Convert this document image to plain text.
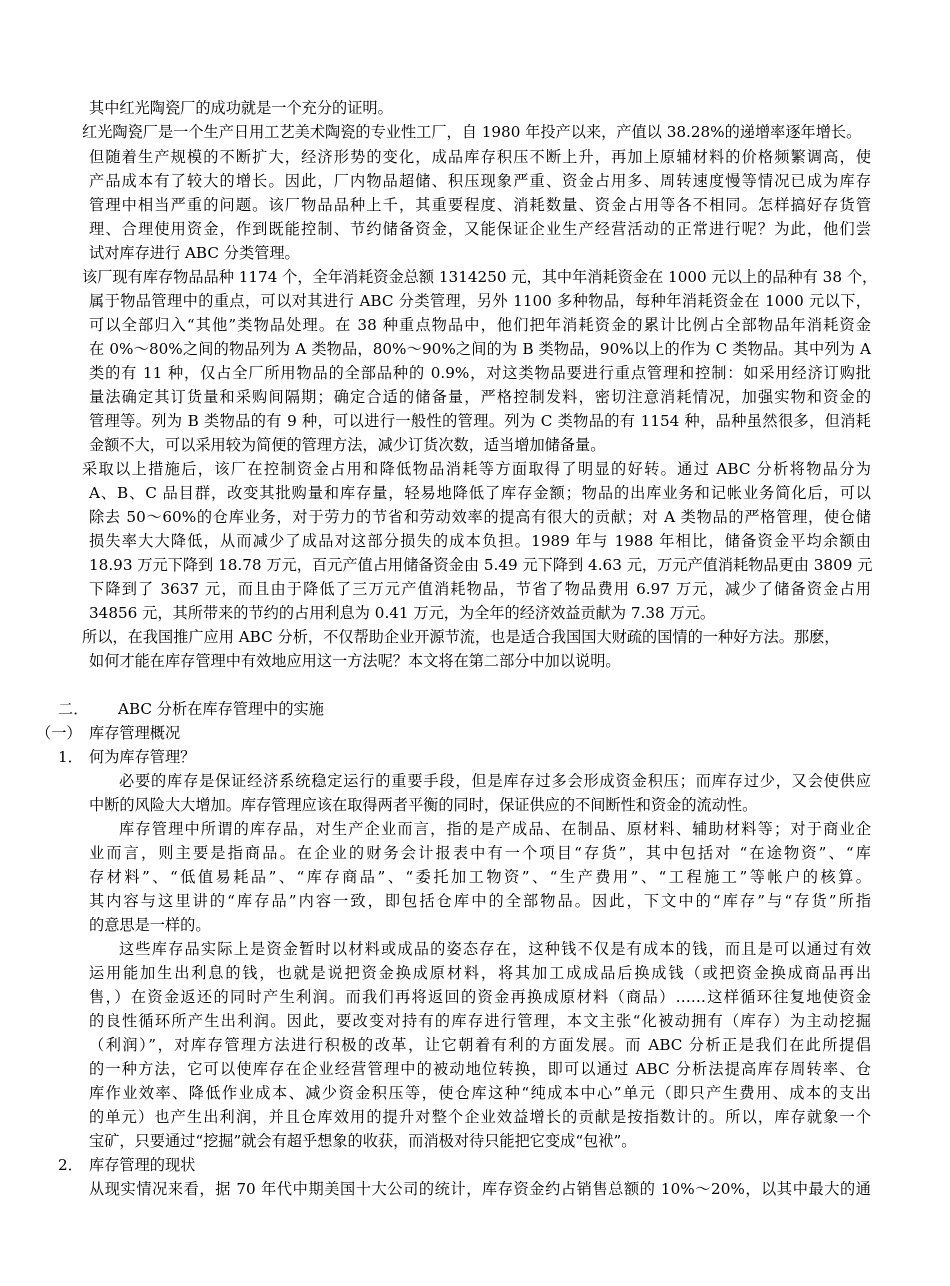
其中红光陶瓷厂的成功就是一个充分的证明。
红光陶瓷厂是一个生产日用工艺美术陶瓷的专业性工厂，自 1980 年投产以来，产值以 38.28%的递增率逐年增长。
但随着生产规模的不断扩大，经济形势的变化，成品库存积压不断上升，再加上原辅材料的价格频繁调高，使
产品成本有了较大的增长。因此，厂内物品超储、积压现象严重、资金占用多、周转速度慢等情况已成为库存
管理中相当严重的问题。该厂物品品种上千，其重要程度、消耗数量、资金占用等各不相同。怎样搞好存货管
理、合理使用资金，作到既能控制、节约储备资金，又能保证企业生产经营活动的正常进行呢？为此，他们尝
试对库存进行 ABC 分类管理。
该厂现有库存物品品种 1174 个，全年消耗资金总额 1314250 元，其中年消耗资金在 1000 元以上的品种有 38 个，
属于物品管理中的重点，可以对其进行 ABC 分类管理，另外 1100 多种物品，每种年消耗资金在 1000 元以下，
可以全部归入“其他”类物品处理。在 38 种重点物品中，他们把年消耗资金的累计比例占全部物品年消耗资金
在 0%～80%之间的物品列为 A 类物品，80%～90%之间的为 B 类物品，90%以上的作为 C 类物品。其中列为 A
类的有 11 种，仅占全厂所用物品的全部品种的 0.9%，对这类物品要进行重点管理和控制：如采用经济订购批
量法确定其订货量和采购间隔期；确定合适的储备量，严格控制发料，密切注意消耗情况，加强实物和资金的
管理等。列为 B 类物品的有 9 种，可以进行一般性的管理。列为 C 类物品的有 1154 种，品种虽然很多，但消耗
金额不大，可以采用较为简便的管理方法，减少订货次数，适当增加储备量。
采取以上措施后，该厂在控制资金占用和降低物品消耗等方面取得了明显的好转。通过 ABC 分析将物品分为
A、B、C 品目群，改变其批购量和库存量，轻易地降低了库存金额；物品的出库业务和记帐业务简化后，可以
除去 50～60%的仓库业务，对于劳力的节省和劳动效率的提高有很大的贡献；对 A 类物品的严格管理，使仓储
损失率大大降低，从而减少了成品对这部分损失的成本负担。1989 年与 1988 年相比，储备资金平均余额由
18.93 万元下降到 18.78 万元，百元产值占用储备资金由 5.49 元下降到 4.63 元，万元产值消耗物品更由 3809 元
下降到了 3637 元，而且由于降低了三万元产值消耗物品，节省了物品费用 6.97 万元，减少了储备资金占用
34856 元，其所带来的节约的占用利息为 0.41 万元，为全年的经济效益贡献为 7.38 万元。
所以，在我国推广应用 ABC 分析，不仅帮助企业开源节流，也是适合我国国大财疏的国情的一种好方法。那麽，
如何才能在库存管理中有效地应用这一方法呢？本文将在第二部分中加以说明。
二． ABC 分析在库存管理中的实施
（一） 库存管理概况
1． 何为库存管理？
必要的库存是保证经济系统稳定运行的重要手段，但是库存过多会形成资金积压；而库存过少，又会使供应
中断的风险大大增加。库存管理应该在取得两者平衡的同时，保证供应的不间断性和资金的流动性。
库存管理中所谓的库存品，对生产企业而言，指的是产成品、在制品、原材料、辅助材料等；对于商业企
业而言，则主要是指商品。在企业的财务会计报表中有一个项目“存货”，其中包括对 “在途物资”、“库
存材料”、“低值易耗品”、“库存商品”、“委托加工物资”、“生产费用”、“工程施工”等帐户的核算。
其内容与这里讲的“库存品”内容一致，即包括仓库中的全部物品。因此，下文中的“库存”与“存货”所指
的意思是一样的。
这些库存品实际上是资金暂时以材料或成品的姿态存在，这种钱不仅是有成本的钱，而且是可以通过有效
运用能加生出利息的钱，也就是说把资金换成原材料，将其加工成成品后换成钱（或把资金换成商品再出
售，）在资金返还的同时产生利润。而我们再将返回的资金再换成原材料（商品）……这样循环往复地使资金
的良性循环所产生出利润。因此，要改变对持有的库存进行管理，本文主张“化被动拥有（库存）为主动挖掘
（利润）”，对库存管理方法进行积极的改革，让它朝着有利的方面发展。而 ABC 分析正是我们在此所提倡
的一种方法，它可以使库存在企业经营管理中的被动地位转换，即可以通过 ABC 分析法提高库存周转率、仓
库作业效率、降低作业成本、减少资金积压等，使仓库这种“纯成本中心”单元（即只产生费用、成本的支出
的单元）也产生出利润，并且仓库效用的提升对整个企业效益增长的贡献是按指数计的。所以，库存就象一个
宝矿，只要通过“挖掘”就会有超乎想象的收获，而消极对待只能把它变成“包袱”。
2． 库存管理的现状
从现实情况来看，据 70 年代中期美国十大公司的统计，库存资金约占销售总额的 10%～20%，以其中最大的通
